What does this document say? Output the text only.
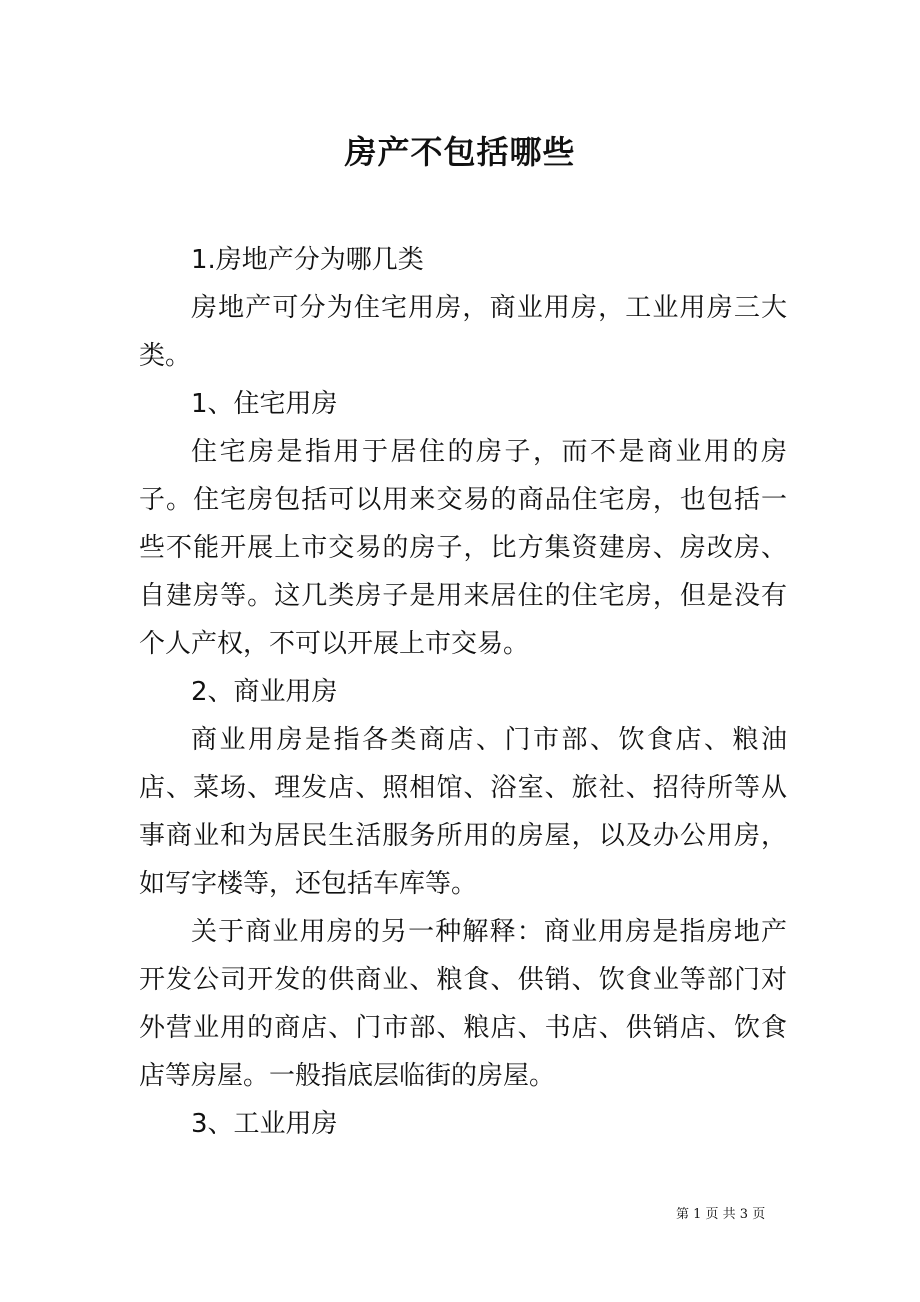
房产不包括哪些

1.房地产分为哪几类

房地产可分为住宅用房，商业用房，工业用房三大类。

1、住宅用房

住宅房是指用于居住的房子，而不是商业用的房子。住宅房包括可以用来交易的商品住宅房，也包括一些不能开展上市交易的房子，比方集资建房、房改房、自建房等。这几类房子是用来居住的住宅房，但是没有个人产权，不可以开展上市交易。

2、商业用房

商业用房是指各类商店、门市部、饮食店、粮油店、菜场、理发店、照相馆、浴室、旅社、招待所等从事商业和为居民生活服务所用的房屋，以及办公用房，如写字楼等，还包括车库等。

关于商业用房的另一种解释：商业用房是指房地产开发公司开发的供商业、粮食、供销、饮食业等部门对外营业用的商店、门市部、粮店、书店、供销店、饮食店等房屋。一般指底层临街的房屋。

3、工业用房

第 1 页 共 3 页
